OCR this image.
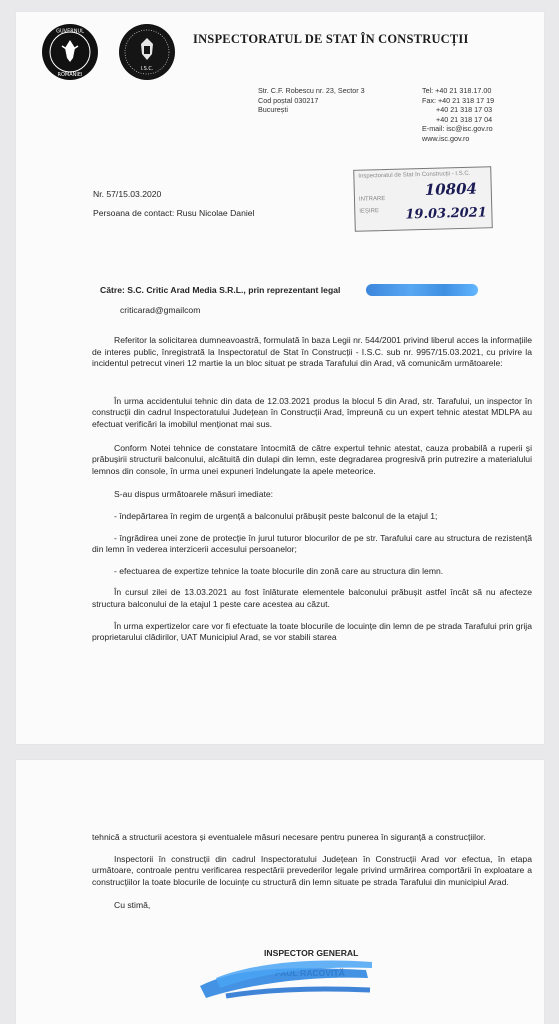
GUVERNUL
ROMÂNIEI
I.S.C.
INSPECTORATUL DE STAT ÎN CONSTRUCȚII
Str. C.F. Robescu nr. 23, Sector 3
Cod poștal 030217
București
Tel: +40 21 318.17.00
Fax: +40 21 318 17 19
+40 21 318 17 03
+40 21 318 17 04
E-mail: isc@isc.gov.ro
www.isc.gov.ro
Inspectoratul de Stat în Construcții - I.S.C.
INTRARE
IEȘIRE
10804
19.03.2021
Nr. 57/15.03.2020
Persoana de contact: Rusu Nicolae Daniel
Către: S.C. Critic Arad Media S.R.L., prin reprezentant legal
criticarad@gmailcom

Referitor la solicitarea dumneavoastră, formulată în baza Legii nr. 544/2001 privind liberul acces la informațiile de interes public, înregistrată la Inspectoratul de Stat în Construcții - I.S.C. sub nr. 9957/15.03.2021, cu privire la incidentul petrecut vineri 12 martie la un bloc situat pe strada Tarafului din Arad, vă comunicăm următoarele:

În urma accidentului tehnic din data de 12.03.2021 produs la blocul 5 din Arad, str. Tarafului, un inspector în construcții din cadrul Inspectoratului Județean în Construcții Arad, împreună cu un expert tehnic atestat MDLPA au efectuat verificări la imobilul menționat mai sus.

Conform Notei tehnice de constatare întocmită de către expertul tehnic atestat, cauza probabilă a ruperii și prăbușirii structurii balconului, alcătuită din dulapi din lemn, este degradarea progresivă prin putrezire a materialului lemnos din console, în urma unei expuneri îndelungate la apele meteorice.

S-au dispus următoarele măsuri imediate:

- îndepărtarea în regim de urgență a balconului prăbușit peste balconul de la etajul 1;

- îngrădirea unei zone de protecție în jurul tuturor blocurilor de pe str. Tarafului care au structura de rezistență din lemn în vederea interzicerii accesului persoanelor;

- efectuarea de expertize tehnice la toate blocurile din zonă care au structura din lemn.

În cursul zilei de 13.03.2021 au fost înlăturate elementele balconului prăbușit astfel încât să nu afecteze structura balconului de la etajul 1 peste care acestea au căzut.

În urma expertizelor care vor fi efectuate la toate blocurile de locuințe din lemn de pe strada Tarafului prin grija proprietarului clădirilor, UAT Municipiul Arad, se vor stabili starea

tehnică a structurii acestora și eventualele măsuri necesare pentru punerea în siguranță a construcțiilor.

Inspectorii în construcții din cadrul Inspectoratului Județean în Construcții Arad vor efectua, în etapa următoare, controale pentru verificarea respectării prevederilor legale privind urmărirea comportării în exploatare a construcțiilor la toate blocurile de locuințe cu structură din lemn situate pe strada Tarafului din municipiul Arad.

Cu stimă,

INSPECTOR GENERAL
